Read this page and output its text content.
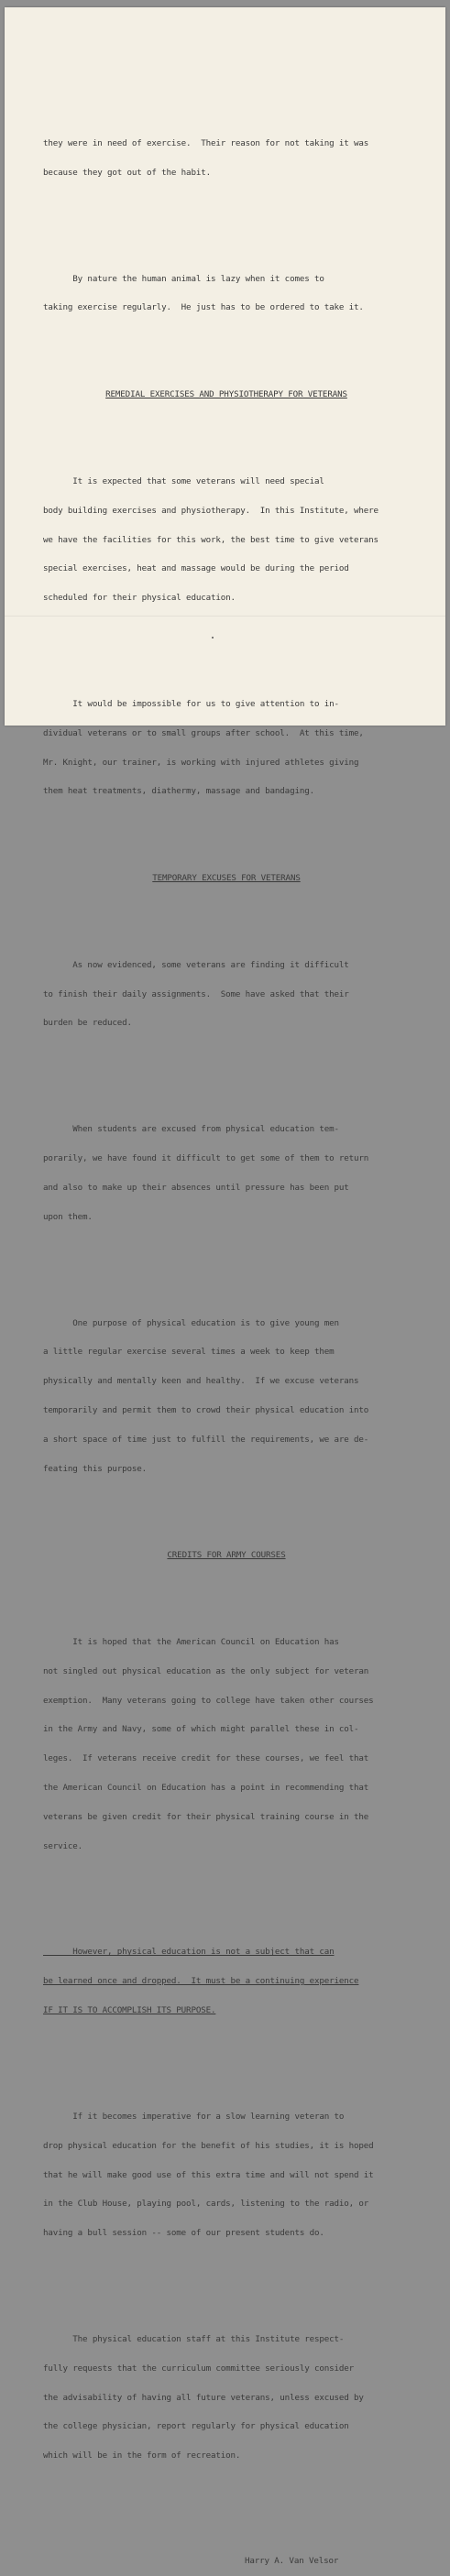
they were in need of exercise.  Their reason for not taking it was

because they got out of the habit.

By nature the human animal is lazy when it comes to

taking exercise regularly.  He just has to be ordered to take it.

REMEDIAL EXERCISES AND PHYSIOTHERAPY FOR VETERANS

It is expected that some veterans will need special

body building exercises and physiotherapy.  In this Institute, where

we have the facilities for this work, the best time to give veterans

special exercises, heat and massage would be during the period

scheduled for their physical education.

It would be impossible for us to give attention to in-

dividual veterans or to small groups after school.  At this time,

Mr. Knight, our trainer, is working with injured athletes giving

them heat treatments, diathermy, massage and bandaging.

TEMPORARY EXCUSES FOR VETERANS

As now evidenced, some veterans are finding it difficult

to finish their daily assignments.  Some have asked that their

burden be reduced.

When students are excused from physical education tem-

porarily, we have found it difficult to get some of them to return

and also to make up their absences until pressure has been put

upon them.

One purpose of physical education is to give young men

a little regular exercise several times a week to keep them

physically and mentally keen and healthy.  If we excuse veterans

temporarily and permit them to crowd their physical education into

a short space of time just to fulfill the requirements, we are de-

feating this purpose.

CREDITS FOR ARMY COURSES

It is hoped that the American Council on Education has

not singled out physical education as the only subject for veteran

exemption.  Many veterans going to college have taken other courses

in the Army and Navy, some of which might parallel these in col-

leges.  If veterans receive credit for these courses, we feel that

the American Council on Education has a point in recommending that

veterans be given credit for their physical training course in the

service.

However, physical education is not a subject that can

be learned once and dropped.  It must be a continuing experience

IF IT IS TO ACCOMPLISH ITS PURPOSE.

If it becomes imperative for a slow learning veteran to

drop physical education for the benefit of his studies, it is hoped

that he will make good use of this extra time and will not spend it

in the Club House, playing pool, cards, listening to the radio, or

having a bull session -- some of our present students do.

The physical education staff at this Institute respect-

fully requests that the curriculum committee seriously consider

the advisability of having all future veterans, unless excused by

the college physician, report regularly for physical education

which will be in the form of recreation.

Harry A. Van Velsor
